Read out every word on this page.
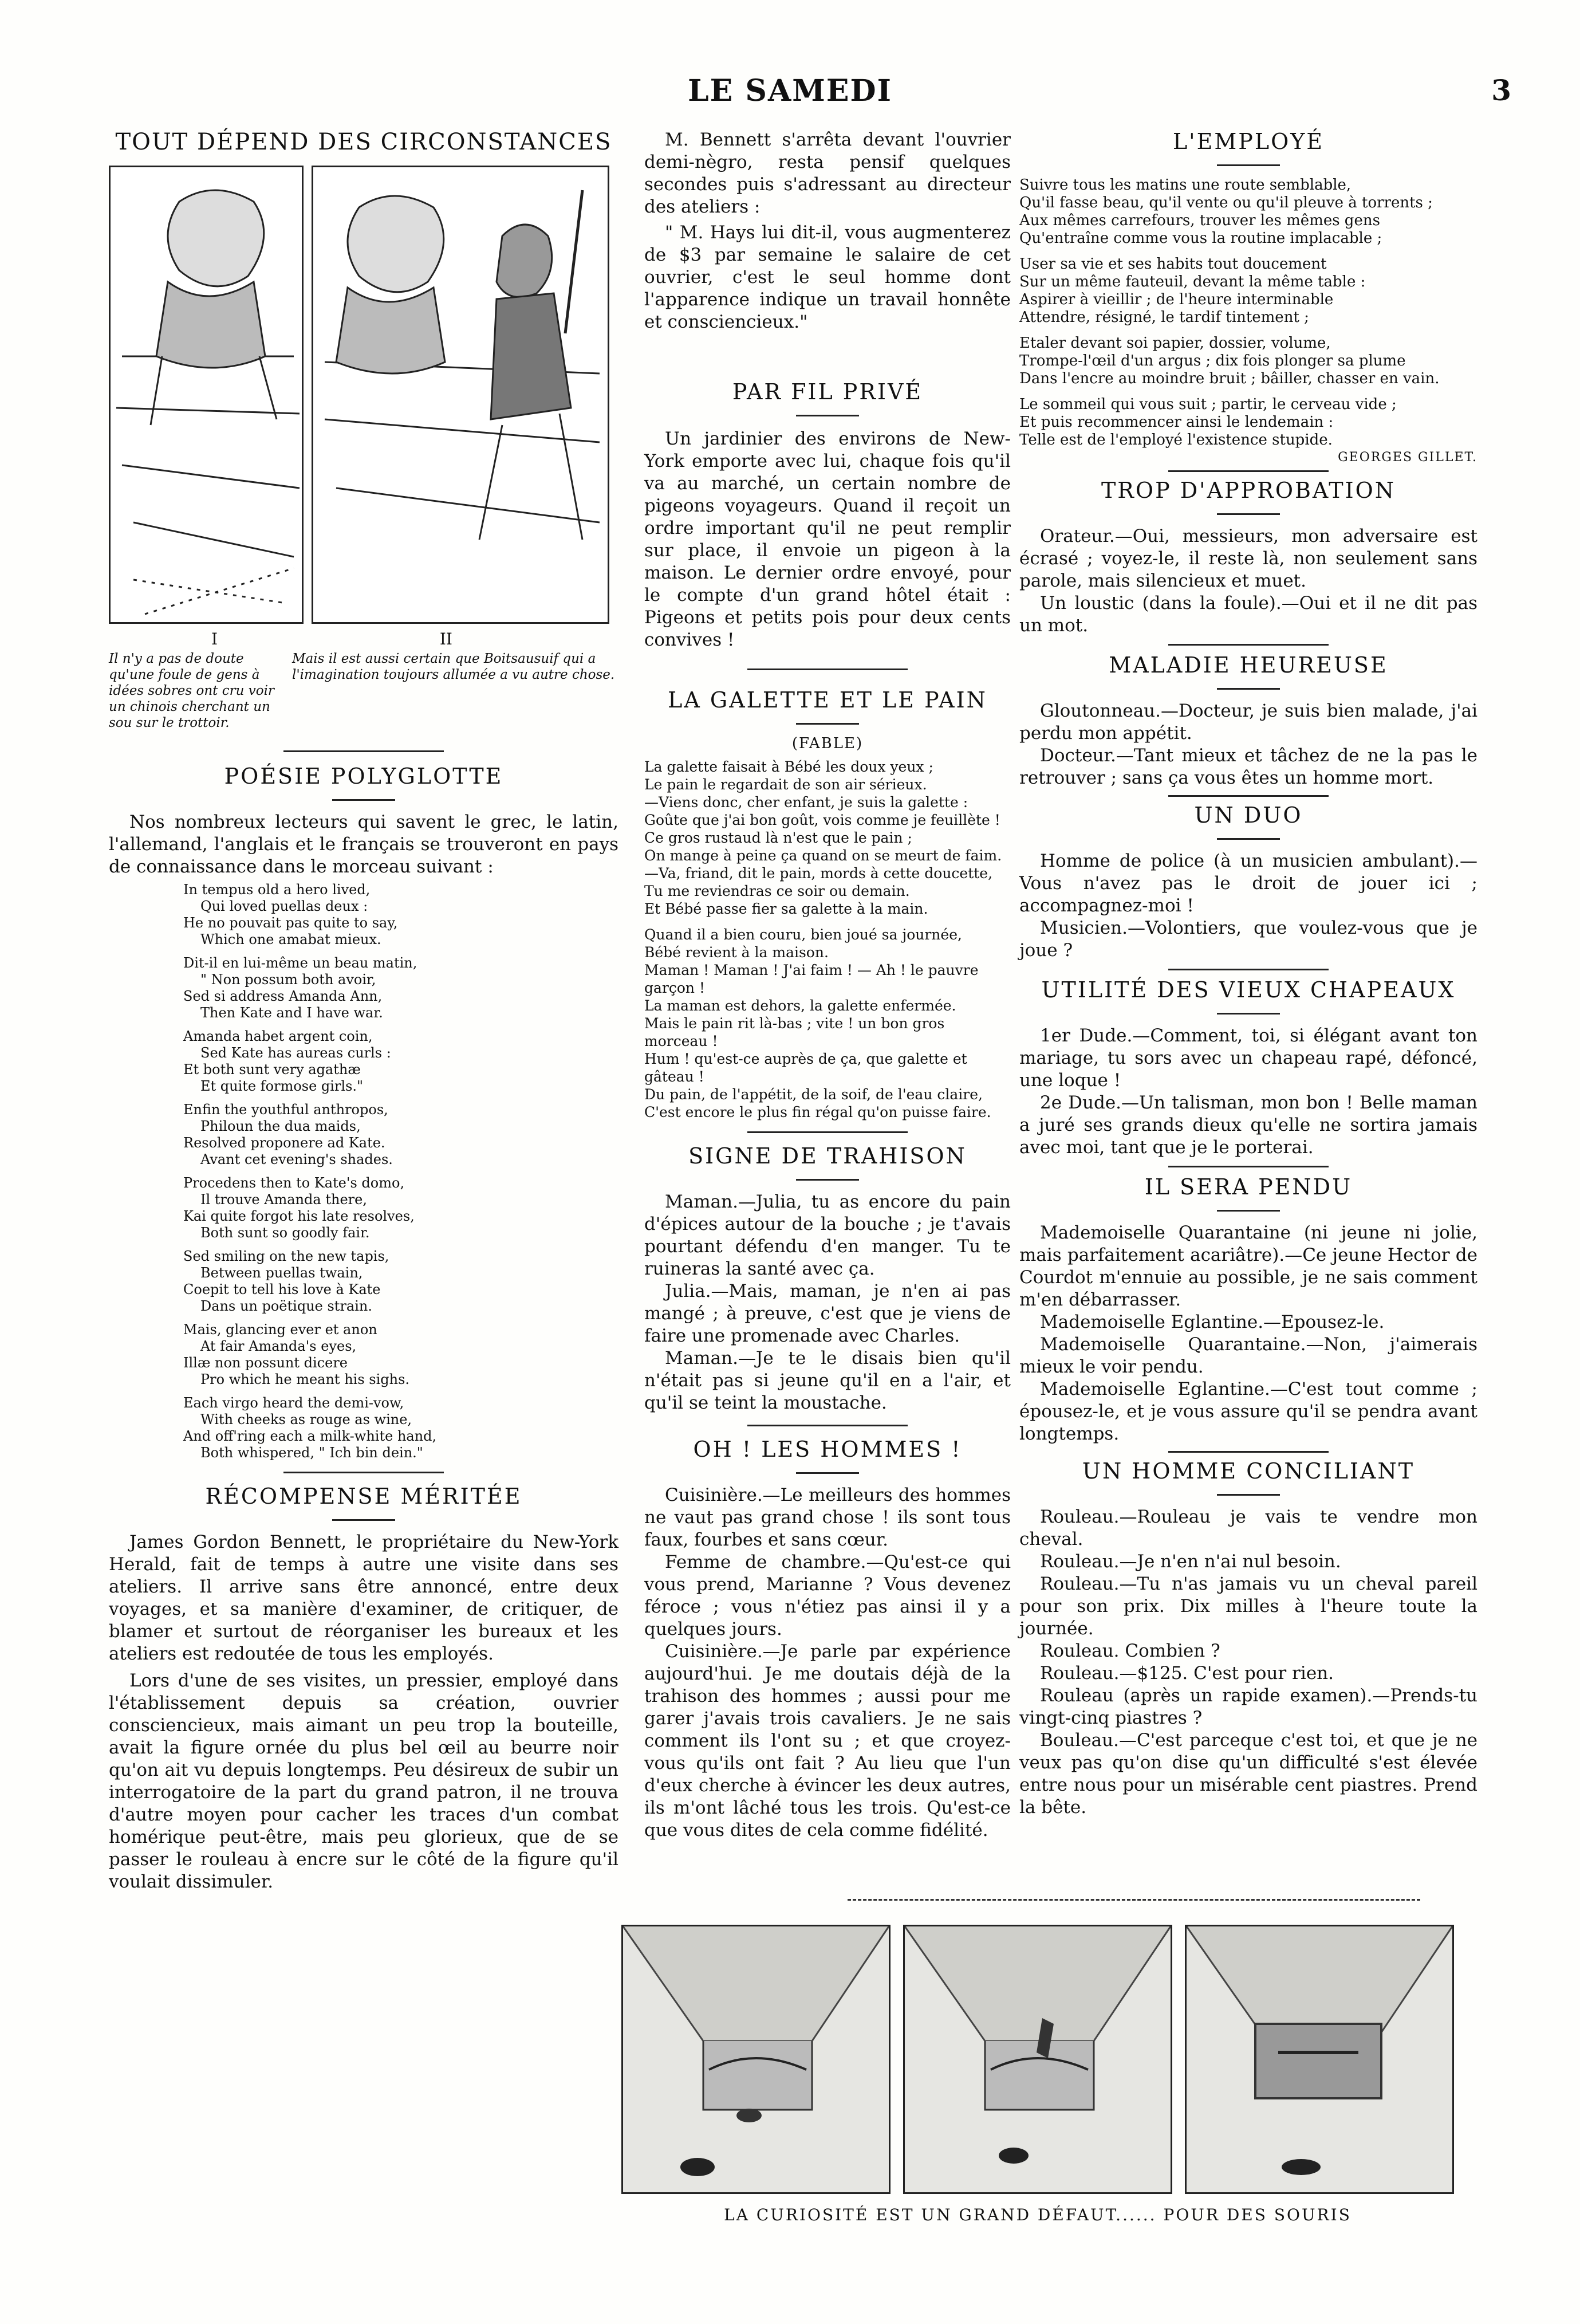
LE SAMEDI	3
TOUT DÉPEND DES CIRCONSTANCES
I	II
Il n'y a pas de doute qu'une foule de gens à idées sobres ont cru voir un chinois cherchant un sou sur le trottoir.
Mais il est aussi certain que Boitsausuif qui a l'imagination toujours allumée a vu autre chose.
POÉSIE POLYGLOTTE

Nos nombreux lecteurs qui savent le grec, le latin, l'allemand, l'anglais et le français se trouveront en pays de connaissance dans le morceau suivant :

In tempus old a hero lived,
Qui loved puellas deux :
He no pouvait pas quite to say,
Which one amabat mieux.
Dit-il en lui-même un beau matin,
" Non possum both avoir,
Sed si address Amanda Ann,
Then Kate and I have war.
Amanda habet argent coin,
Sed Kate has aureas curls :
Et both sunt very agathæ
Et quite formose girls."
Enfin the youthful anthropos,
Philoun the dua maids,
Resolved proponere ad Kate.
Avant cet evening's shades.
Procedens then to Kate's domo,
Il trouve Amanda there,
Kai quite forgot his late resolves,
Both sunt so goodly fair.
Sed smiling on the new tapis,
Between puellas twain,
Coepit to tell his love à Kate
Dans un poëtique strain.
Mais, glancing ever et anon
At fair Amanda's eyes,
Illæ non possunt dicere
Pro which he meant his sighs.
Each virgo heard the demi-vow,
With cheeks as rouge as wine,
And off'ring each a milk-white hand,
Both whispered, " Ich bin dein."
RÉCOMPENSE MÉRITÉE

James Gordon Bennett, le propriétaire du New-York Herald, fait de temps à autre une visite dans ses ateliers. Il arrive sans être annoncé, entre deux voyages, et sa manière d'examiner, de critiquer, de blamer et surtout de réorganiser les bureaux et les ateliers est redoutée de tous les employés.

Lors d'une de ses visites, un pressier, employé dans l'établissement depuis sa création, ouvrier consciencieux, mais aimant un peu trop la bouteille, avait la figure ornée du plus bel œil au beurre noir qu'on ait vu depuis longtemps. Peu désireux de subir un interrogatoire de la part du grand patron, il ne trouva d'autre moyen pour cacher les traces d'un combat homérique peut-être, mais peu glorieux, que de se passer le rouleau à encre sur le côté de la figure qu'il voulait dissimuler.

M. Bennett s'arrêta devant l'ouvrier demi-nègro, resta pensif quelques secondes puis s'adressant au directeur des ateliers :

" M. Hays lui dit-il, vous augmenterez de $3 par semaine le salaire de cet ouvrier, c'est le seul homme dont l'apparence indique un travail honnête et consciencieux."

PAR FIL PRIVÉ

Un jardinier des environs de New-York emporte avec lui, chaque fois qu'il va au marché, un certain nombre de pigeons voyageurs. Quand il reçoit un ordre important qu'il ne peut remplir sur place, il envoie un pigeon à la maison. Le dernier ordre envoyé, pour le compte d'un grand hôtel était : Pigeons et petits pois pour deux cents convives !

LA GALETTE ET LE PAIN
(FABLE)
La galette faisait à Bébé les doux yeux ;
Le pain le regardait de son air sérieux.
—Viens donc, cher enfant, je suis la galette :
Goûte que j'ai bon goût, vois comme je feuillète !
Ce gros rustaud là n'est que le pain ;
On mange à peine ça quand on se meurt de faim.
—Va, friand, dit le pain, mords à cette doucette,
Tu me reviendras ce soir ou demain.
Et Bébé passe fier sa galette à la main.
Quand il a bien couru, bien joué sa journée,
Bébé revient à la maison.
Maman ! Maman ! J'ai faim ! — Ah ! le pauvre garçon !
La maman est dehors, la galette enfermée.
Mais le pain rit là-bas ; vite ! un bon gros morceau !
Hum ! qu'est-ce auprès de ça, que galette et gâteau !
Du pain, de l'appétit, de la soif, de l'eau claire,
C'est encore le plus fin régal qu'on puisse faire.
SIGNE DE TRAHISON

Maman.—Julia, tu as encore du pain d'épices autour de la bouche ; je t'avais pourtant défendu d'en manger. Tu te ruineras la santé avec ça.

Julia.—Mais, maman, je n'en ai pas mangé ; à preuve, c'est que je viens de faire une promenade avec Charles.

Maman.—Je te le disais bien qu'il n'était pas si jeune qu'il en a l'air, et qu'il se teint la moustache.

OH ! LES HOMMES !

Cuisinière.—Le meilleurs des hommes ne vaut pas grand chose ! ils sont tous faux, fourbes et sans cœur.

Femme de chambre.—Qu'est-ce qui vous prend, Marianne ? Vous devenez féroce ; vous n'étiez pas ainsi il y a quelques jours.

Cuisinière.—Je parle par expérience aujourd'hui. Je me doutais déjà de la trahison des hommes ; aussi pour me garer j'avais trois cavaliers. Je ne sais comment ils l'ont su ; et que croyez-vous qu'ils ont fait ? Au lieu que l'un d'eux cherche à évincer les deux autres, ils m'ont lâché tous les trois. Qu'est-ce que vous dites de cela comme fidélité.

L'EMPLOYÉ
Suivre tous les matins une route semblable,
Qu'il fasse beau, qu'il vente ou qu'il pleuve à torrents ;
Aux mêmes carrefours, trouver les mêmes gens
Qu'entraîne comme vous la routine implacable ;
User sa vie et ses habits tout doucement
Sur un même fauteuil, devant la même table :
Aspirer à vieillir ; de l'heure interminable
Attendre, résigné, le tardif tintement ;
Etaler devant soi papier, dossier, volume,
Trompe-l'œil d'un argus ; dix fois plonger sa plume
Dans l'encre au moindre bruit ; bâiller, chasser en vain.
Le sommeil qui vous suit ; partir, le cerveau vide ;
Et puis recommencer ainsi le lendemain :
Telle est de l'employé l'existence stupide.
GEORGES GILLET.
TROP D'APPROBATION

Orateur.—Oui, messieurs, mon adversaire est écrasé ; voyez-le, il reste là, non seulement sans parole, mais silencieux et muet.

Un loustic (dans la foule).—Oui et il ne dit pas un mot.

MALADIE HEUREUSE

Gloutonneau.—Docteur, je suis bien malade, j'ai perdu mon appétit.

Docteur.—Tant mieux et tâchez de ne la pas le retrouver ; sans ça vous êtes un homme mort.

UN DUO

Homme de police (à un musicien ambulant).—Vous n'avez pas le droit de jouer ici ; accompagnez-moi !

Musicien.—Volontiers, que voulez-vous que je joue ?

UTILITÉ DES VIEUX CHAPEAUX

1er Dude.—Comment, toi, si élégant avant ton mariage, tu sors avec un chapeau rapé, défoncé, une loque !

2e Dude.—Un talisman, mon bon ! Belle maman a juré ses grands dieux qu'elle ne sortira jamais avec moi, tant que je le porterai.

IL SERA PENDU

Mademoiselle Quarantaine (ni jeune ni jolie, mais parfaitement acariâtre).—Ce jeune Hector de Courdot m'ennuie au possible, je ne sais comment m'en débarrasser.

Mademoiselle Eglantine.—Epousez-le.

Mademoiselle Quarantaine.—Non, j'aimerais mieux le voir pendu.

Mademoiselle Eglantine.—C'est tout comme ; épousez-le, et je vous assure qu'il se pendra avant longtemps.

UN HOMME CONCILIANT

Rouleau.—Rouleau je vais te vendre mon cheval.

Rouleau.—Je n'en n'ai nul besoin.

Rouleau.—Tu n'as jamais vu un cheval pareil pour son prix. Dix milles à l'heure toute la journée.

Rouleau. Combien ?

Rouleau.—$125. C'est pour rien.

Rouleau (après un rapide examen).—Prends-tu vingt-cinq piastres ?

Bouleau.—C'est parceque c'est toi, et que je ne veux pas qu'on dise qu'un difficulté s'est élevée entre nous pour un misérable cent piastres. Prend la bête.

LA CURIOSITÉ EST UN GRAND DÉFAUT...... POUR DES SOURIS
